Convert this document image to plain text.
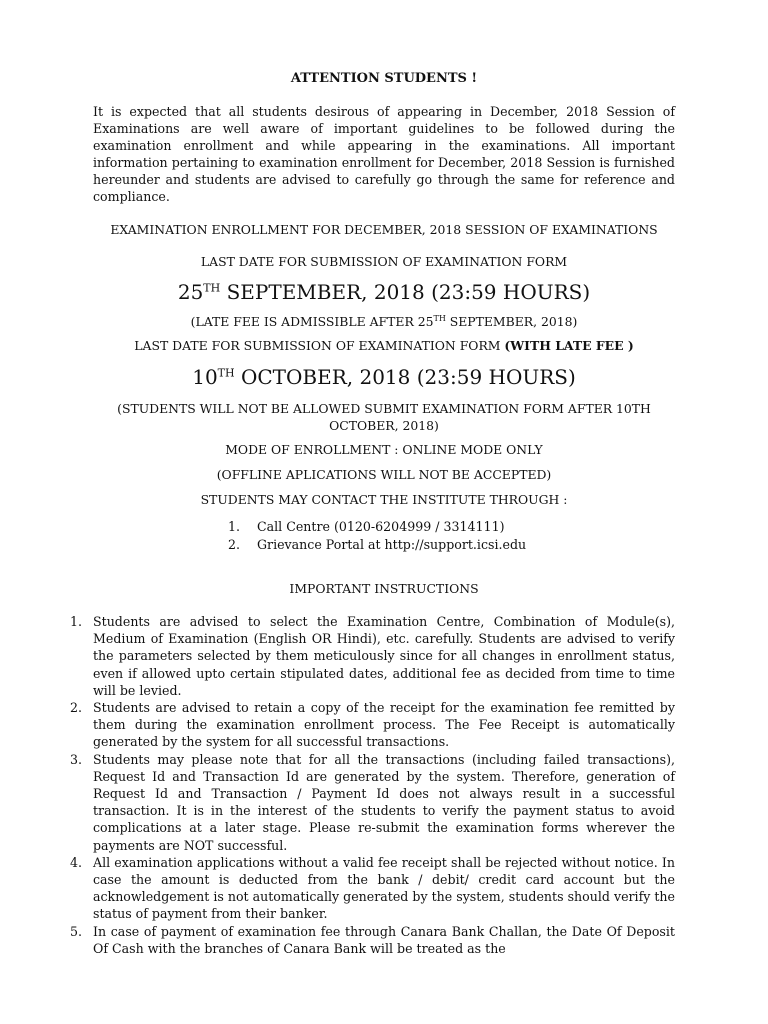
ATTENTION STUDENTS !
It is expected that all students desirous of appearing in December, 2018 Session of Examinations are well aware of important guidelines to be followed during the examination enrollment and while appearing in the examinations. All important information pertaining to examination enrollment for December, 2018 Session is furnished hereunder and students are advised to carefully go through the same for reference and compliance.
EXAMINATION ENROLLMENT FOR DECEMBER, 2018 SESSION OF EXAMINATIONS
LAST DATE FOR SUBMISSION OF EXAMINATION FORM
25TH SEPTEMBER, 2018 (23:59 HOURS)
(LATE FEE IS ADMISSIBLE AFTER 25TH SEPTEMBER, 2018)
LAST DATE FOR SUBMISSION OF EXAMINATION FORM (WITH LATE FEE )
10TH OCTOBER, 2018 (23:59 HOURS)
(STUDENTS WILL NOT BE ALLOWED SUBMIT EXAMINATION FORM AFTER 10TH OCTOBER, 2018)
MODE OF ENROLLMENT : ONLINE MODE ONLY
(OFFLINE APLICATIONS WILL NOT BE ACCEPTED)
STUDENTS MAY CONTACT THE INSTITUTE THROUGH :
1. Call Centre (0120-6204999 / 3314111)
2. Grievance Portal at http://support.icsi.edu
IMPORTANT INSTRUCTIONS
1. Students are advised to select the Examination Centre, Combination of Module(s), Medium of Examination (English OR Hindi), etc. carefully. Students are advised to verify the parameters selected by them meticulously since for all changes in enrollment status, even if allowed upto certain stipulated dates, additional fee as decided from time to time will be levied.
2. Students are advised to retain a copy of the receipt for the examination fee remitted by them during the examination enrollment process. The Fee Receipt is automatically generated by the system for all successful transactions.
3. Students may please note that for all the transactions (including failed transactions), Request Id and Transaction Id are generated by the system. Therefore, generation of Request Id and Transaction / Payment Id does not always result in a successful transaction. It is in the interest of the students to verify the payment status to avoid complications at a later stage. Please re-submit the examination forms wherever the payments are NOT successful.
4. All examination applications without a valid fee receipt shall be rejected without notice. In case the amount is deducted from the bank / debit/ credit card account but the acknowledgement is not automatically generated by the system, students should verify the status of payment from their banker.
5. In case of payment of examination fee through Canara Bank Challan, the Date Of Deposit Of Cash with the branches of Canara Bank will be treated as the
